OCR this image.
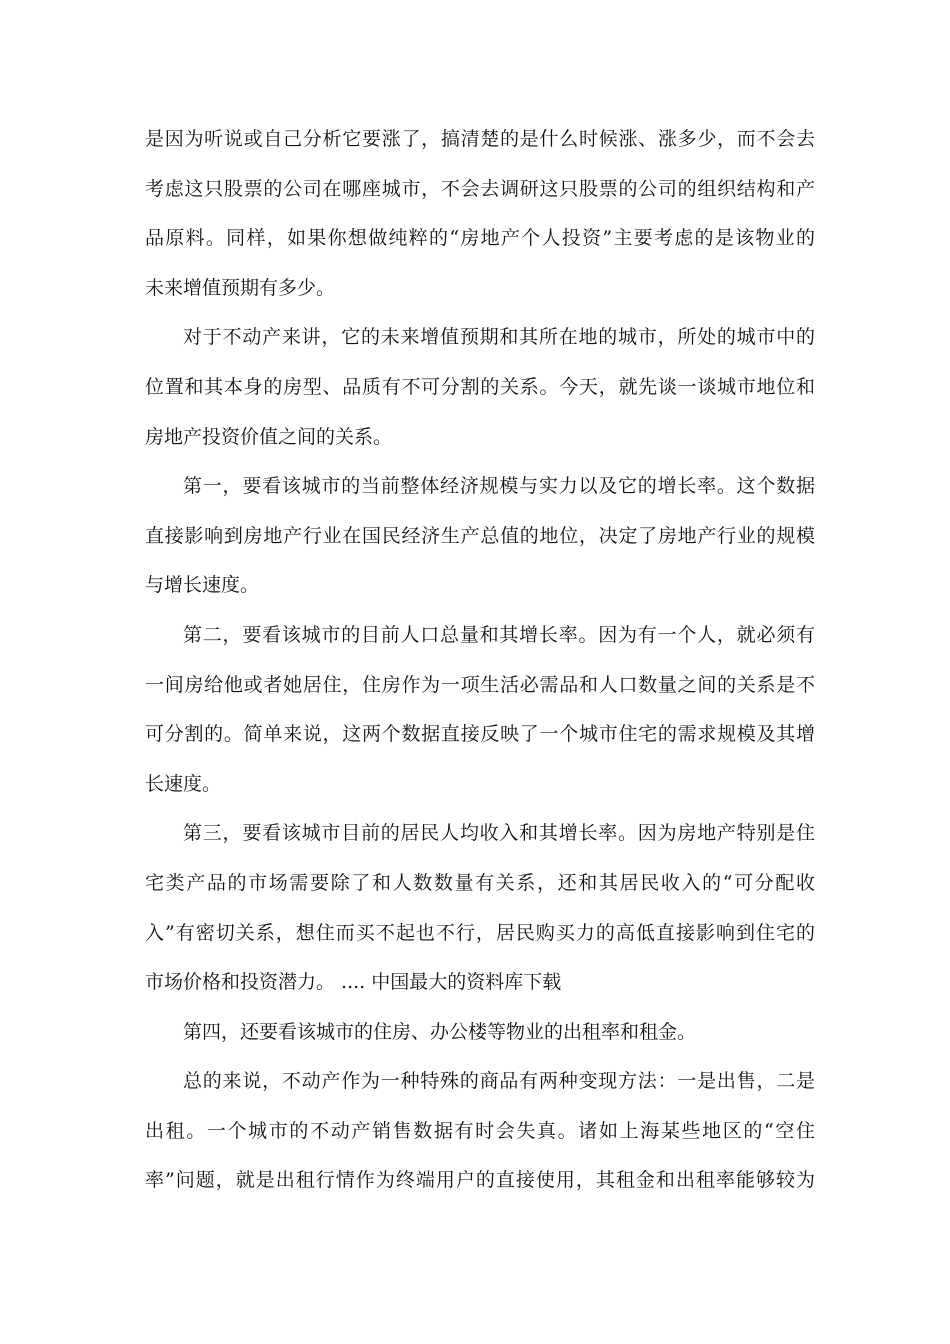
是因为听说或自己分析它要涨了，搞清楚的是什么时候涨、涨多少，而不会去
考虑这只股票的公司在哪座城市，不会去调研这只股票的公司的组织结构和产
品原料。同样，如果你想做纯粹的“房地产个人投资”主要考虑的是该物业的
未来增值预期有多少。
对于不动产来讲，它的未来增值预期和其所在地的城市，所处的城市中的
位置和其本身的房型、品质有不可分割的关系。今天，就先谈一谈城市地位和
房地产投资价值之间的关系。
第一，要看该城市的当前整体经济规模与实力以及它的增长率。这个数据
直接影响到房地产行业在国民经济生产总值的地位，决定了房地产行业的规模
与增长速度。
第二，要看该城市的目前人口总量和其增长率。因为有一个人，就必须有
一间房给他或者她居住，住房作为一项生活必需品和人口数量之间的关系是不
可分割的。简单来说，这两个数据直接反映了一个城市住宅的需求规模及其增
长速度。
第三，要看该城市目前的居民人均收入和其增长率。因为房地产特别是住
宅类产品的市场需要除了和人数数量有关系，还和其居民收入的“可分配收
入”有密切关系，想住而买不起也不行，居民购买力的高低直接影响到住宅的
市场价格和投资潜力。 .... 中国最大的资料库下载
第四，还要看该城市的住房、办公楼等物业的出租率和租金。
总的来说，不动产作为一种特殊的商品有两种变现方法：一是出售，二是
出租。一个城市的不动产销售数据有时会失真。诸如上海某些地区的“空住
率”问题，就是出租行情作为终端用户的直接使用，其租金和出租率能够较为
